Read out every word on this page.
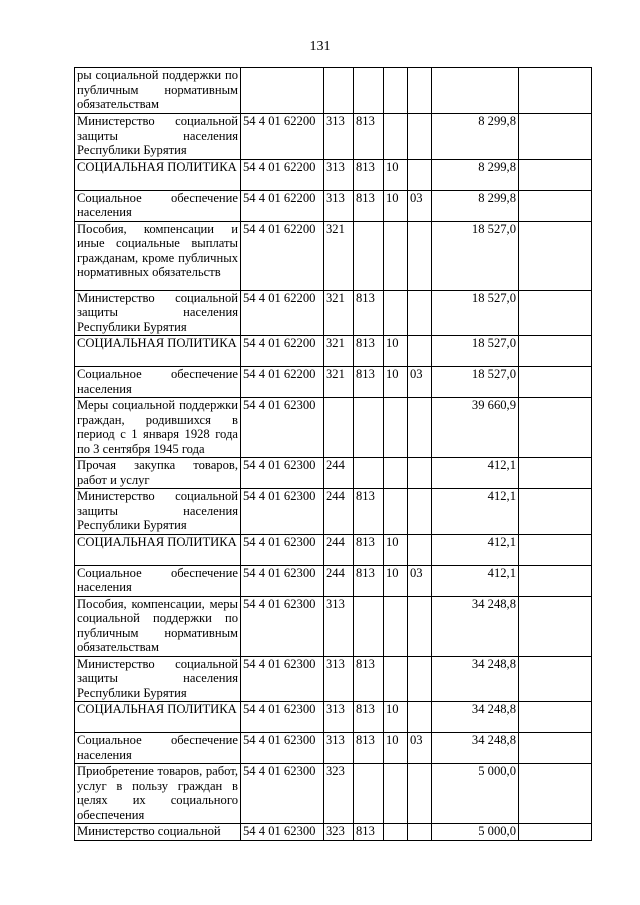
131
ры социальной поддержки по публичным нормативным обязательствам							
Министерство социальной защиты населения Республики Бурятия	54 4 01 62200	313	813			8 299,8	
СОЦИАЛЬНАЯ ПОЛИТИКА	54 4 01 62200	313	813	10		8 299,8	
Социальное обеспечение населения	54 4 01 62200	313	813	10	03	8 299,8	
Пособия, компенсации и иные социальные выплаты гражданам, кроме публичных нормативных обязательств	54 4 01 62200	321				18 527,0	
Министерство социальной защиты населения Республики Бурятия	54 4 01 62200	321	813			18 527,0	
СОЦИАЛЬНАЯ ПОЛИТИКА	54 4 01 62200	321	813	10		18 527,0	
Социальное обеспечение населения	54 4 01 62200	321	813	10	03	18 527,0	
Меры социальной поддержки граждан, родившихся в период с 1 января 1928 года по 3 сентября 1945 года	54 4 01 62300					39 660,9	
Прочая закупка товаров, работ и услуг	54 4 01 62300	244				412,1	
Министерство социальной защиты населения Республики Бурятия	54 4 01 62300	244	813			412,1	
СОЦИАЛЬНАЯ ПОЛИТИКА	54 4 01 62300	244	813	10		412,1	
Социальное обеспечение населения	54 4 01 62300	244	813	10	03	412,1	
Пособия, компенсации, меры социальной поддержки по публичным нормативным обязательствам	54 4 01 62300	313				34 248,8	
Министерство социальной защиты населения Республики Бурятия	54 4 01 62300	313	813			34 248,8	
СОЦИАЛЬНАЯ ПОЛИТИКА	54 4 01 62300	313	813	10		34 248,8	
Социальное обеспечение населения	54 4 01 62300	313	813	10	03	34 248,8	
Приобретение товаров, работ, услуг в пользу граждан в целях их социального обеспечения	54 4 01 62300	323				5 000,0	
Министерство социальной	54 4 01 62300	323	813			5 000,0	
